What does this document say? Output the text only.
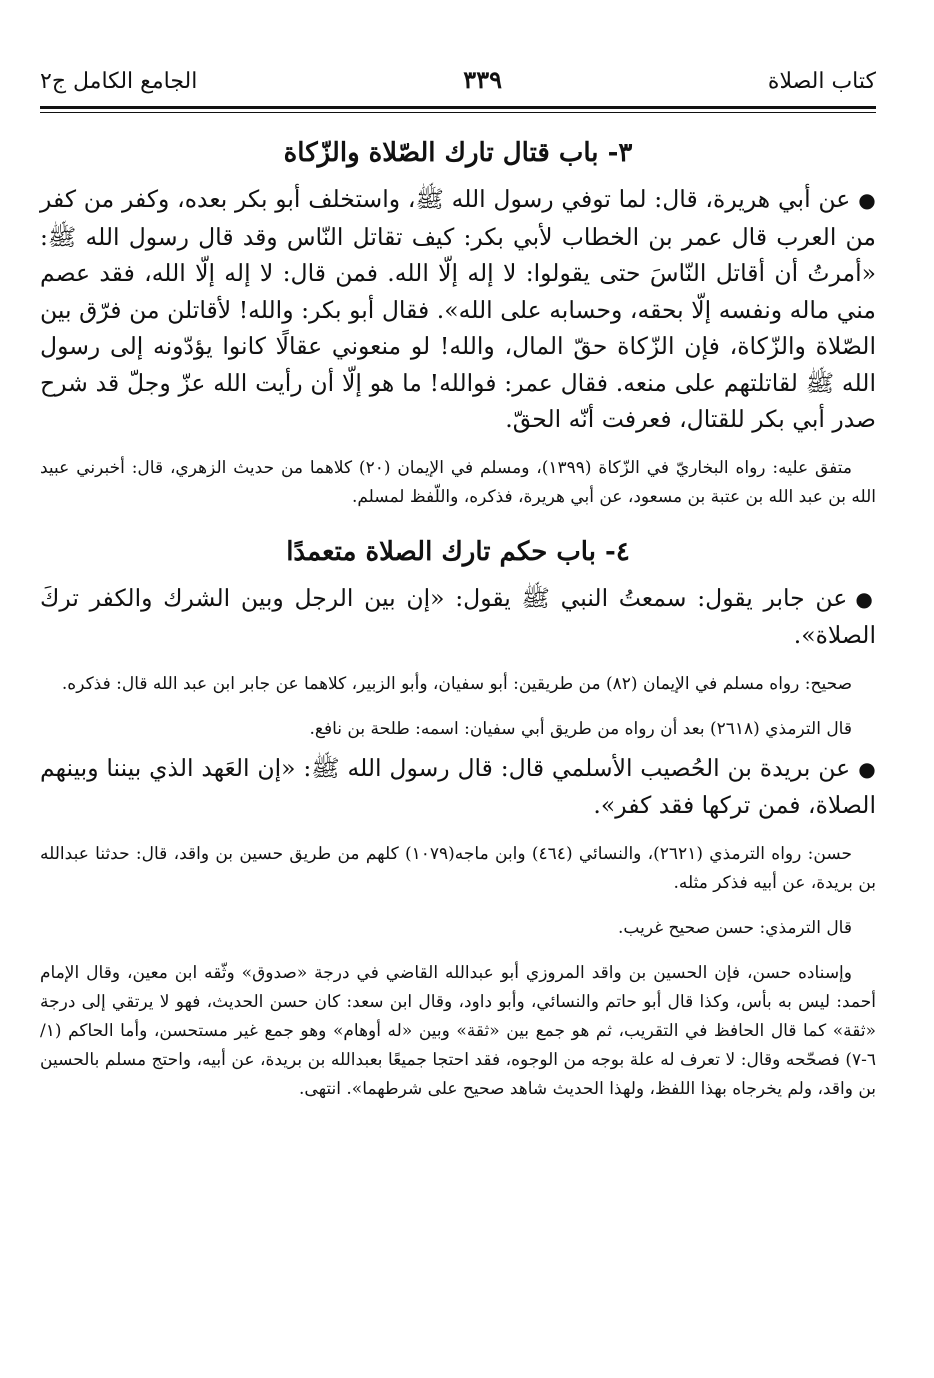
كتاب الصلاة
٣٣٩
الجامع الكامل ج٢
٣- باب قتال تارك الصّلاة والزّكاة

●عن أبي هريرة، قال: لما توفي رسول الله ﷺ، واستخلف أبو بكر بعده، وكفر من كفر من العرب قال عمر بن الخطاب لأبي بكر: كيف تقاتل النّاس وقد قال رسول الله ﷺ: «أمرتُ أن أقاتل النّاسَ حتى يقولوا: لا إله إلّا الله. فمن قال: لا إله إلّا الله، فقد عصم مني ماله ونفسه إلّا بحقه، وحسابه على الله». فقال أبو بكر: والله! لأقاتلن من فرّق بين الصّلاة والزّكاة، فإن الزّكاة حقّ المال، والله! لو منعوني عقالًا كانوا يؤدّونه إلى رسول الله ﷺ لقاتلتهم على منعه. فقال عمر: فوالله! ما هو إلّا أن رأيت الله عزّ وجلّ قد شرح صدر أبي بكر للقتال، فعرفت أنّه الحقّ.

متفق عليه: رواه البخاريّ في الزّكاة (١٣٩٩)، ومسلم في الإيمان (٢٠) كلاهما من حديث الزهري، قال: أخبرني عبيد الله بن عبد الله بن عتبة بن مسعود، عن أبي هريرة، فذكره، واللّفظ لمسلم.

٤- باب حكم تارك الصلاة متعمدًا

●عن جابر يقول: سمعتُ النبي ﷺ يقول: «إن بين الرجل وبين الشرك والكفر تركَ الصلاة».

صحيح: رواه مسلم في الإيمان (٨٢) من طريقين: أبو سفيان، وأبو الزبير، كلاهما عن جابر ابن عبد الله قال: فذكره.

قال الترمذي (٢٦١٨) بعد أن رواه من طريق أبي سفيان: اسمه: طلحة بن نافع.

●عن بريدة بن الحُصيب الأسلمي قال: قال رسول الله ﷺ: «إن العَهد الذي بيننا وبينهم الصلاة، فمن تركها فقد كفر».

حسن: رواه الترمذي (٢٦٢١)، والنسائي (٤٦٤) وابن ماجه(١٠٧٩) كلهم من طريق حسين بن واقد، قال: حدثنا عبدالله بن بريدة، عن أبيه فذكر مثله.

قال الترمذي: حسن صحيح غريب.

وإسناده حسن، فإن الحسين بن واقد المروزي أبو عبدالله القاضي في درجة «صدوق» وثّقه ابن معين، وقال الإمام أحمد: ليس به بأس، وكذا قال أبو حاتم والنسائي، وأبو داود، وقال ابن سعد: كان حسن الحديث، فهو لا يرتقي إلى درجة «ثقة» كما قال الحافظ في التقريب، ثم هو جمع بين «ثقة» وبين «له أوهام» وهو جمع غير مستحسن، وأما الحاكم (١/ ٦-٧) فصحّحه وقال: لا تعرف له علة بوجه من الوجوه، فقد احتجا جميعًا بعبدالله بن بريدة، عن أبيه، واحتج مسلم بالحسين بن واقد، ولم يخرجاه بهذا اللفظ، ولهذا الحديث شاهد صحيح على شرطهما». انتهى.
